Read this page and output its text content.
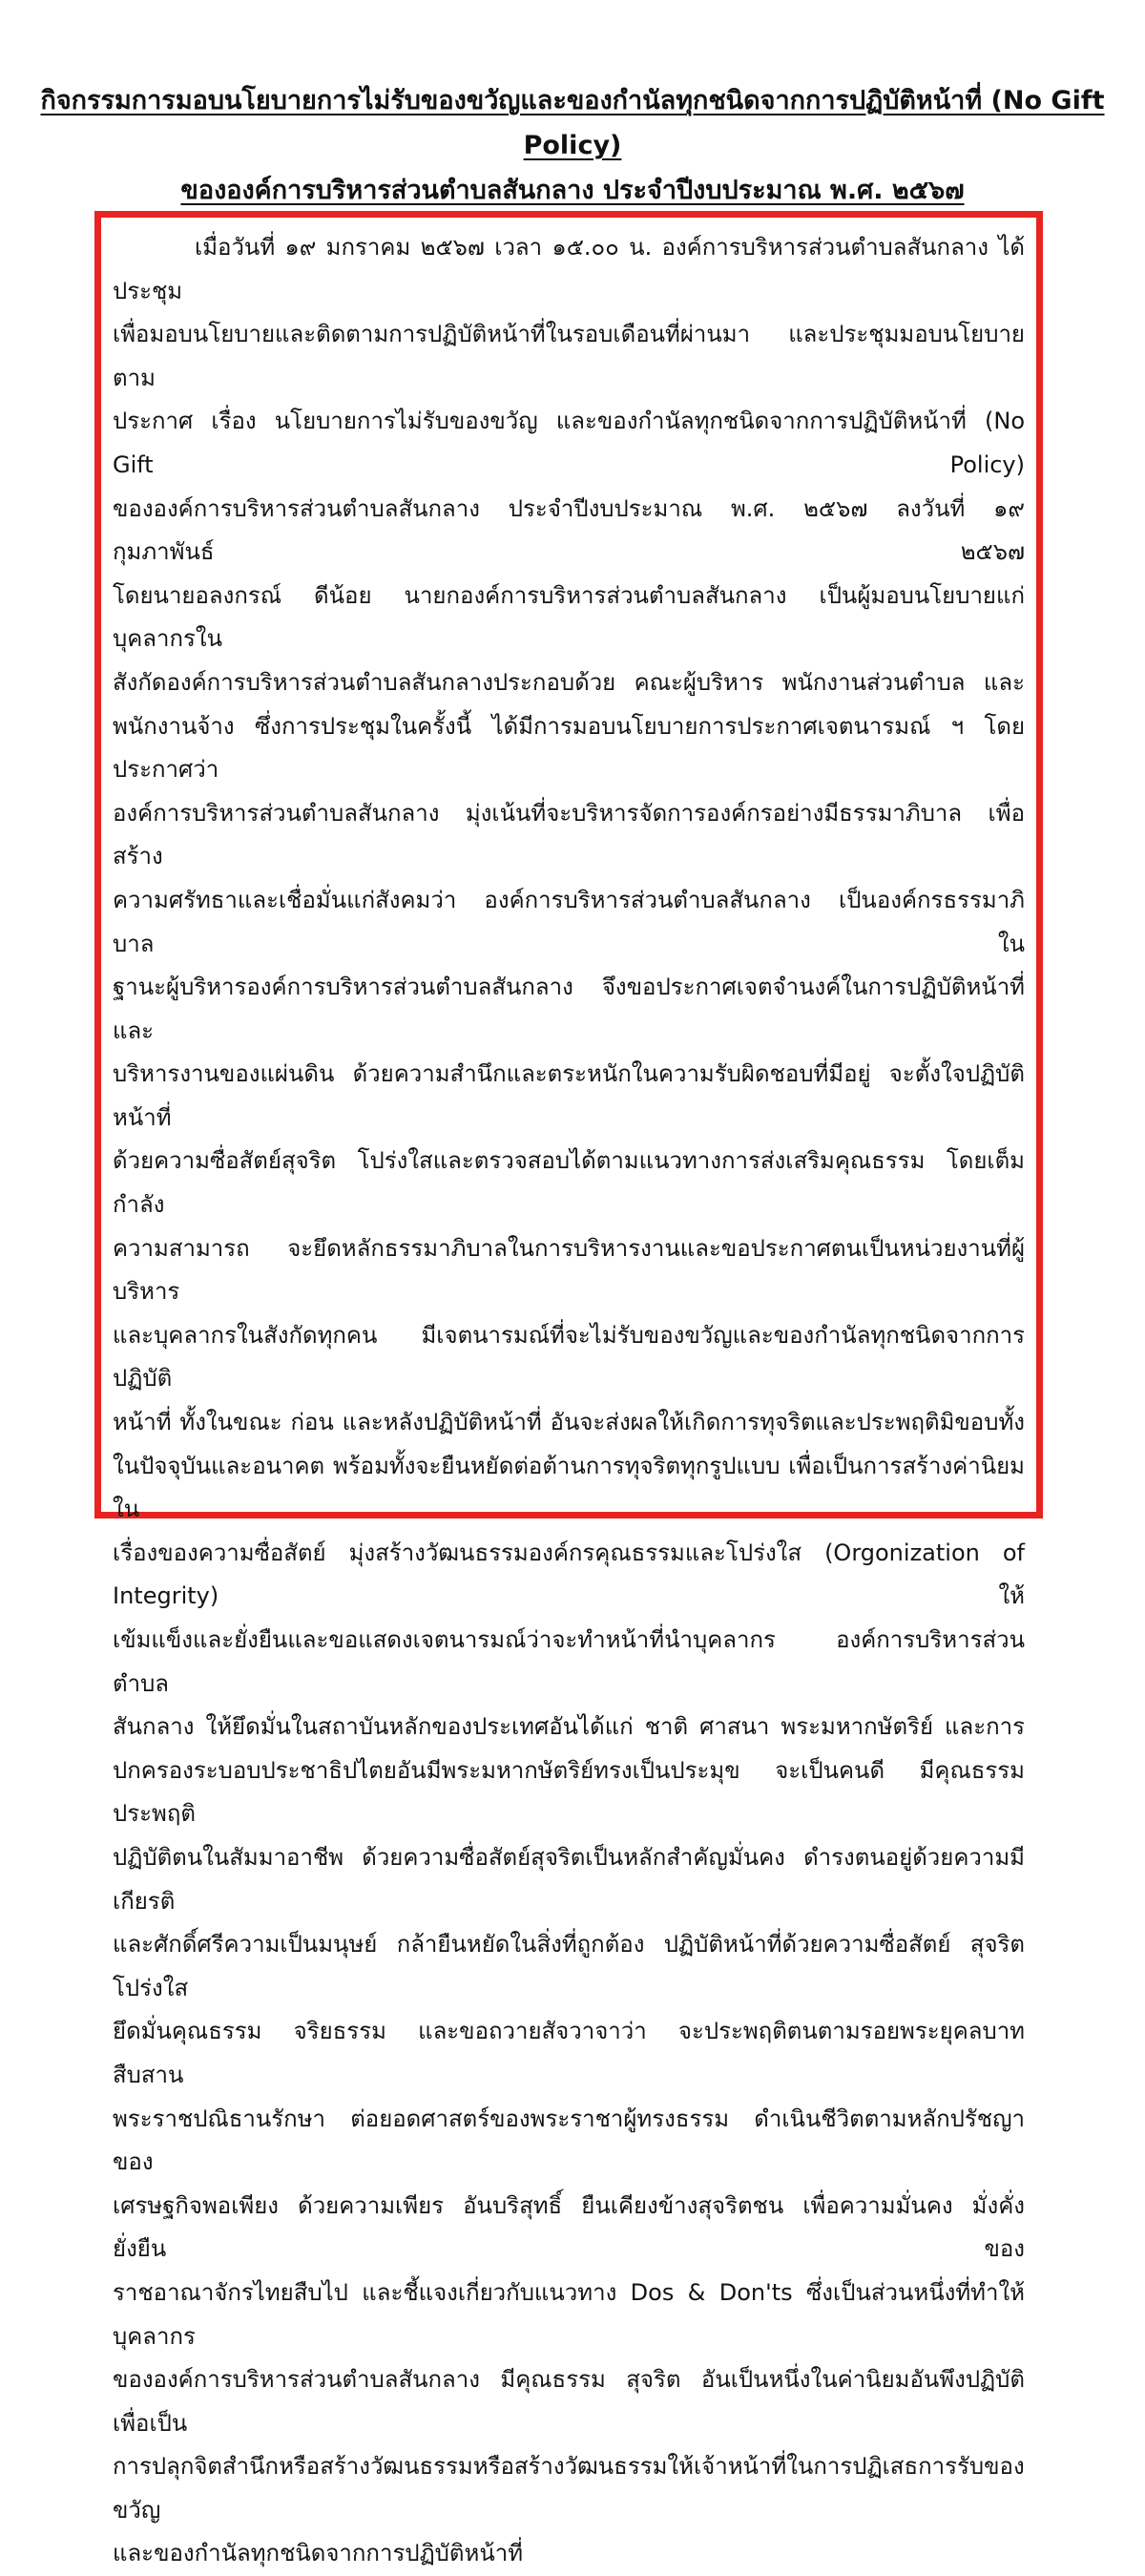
กิจกรรมการมอบนโยบายการไม่รับของขวัญและของกำนัลทุกชนิดจากการปฏิบัติหน้าที่ (No Gift Policy)
ขององค์การบริหารส่วนตำบลสันกลาง ประจำปีงบประมาณ พ.ศ. ๒๕๖๗
เมื่อวันที่ ๑๙ มกราคม ๒๕๖๗ เวลา ๑๕.๐๐ น. องค์การบริหารส่วนตำบลสันกลาง ได้ประชุม
เพื่อมอบนโยบายและติดตามการปฏิบัติหน้าที่ในรอบเดือนที่ผ่านมา และประชุมมอบนโยบายตาม
ประกาศ เรื่อง นโยบายการไม่รับของขวัญ และของกำนัลทุกชนิดจากการปฏิบัติหน้าที่ (No Gift Policy)
ขององค์การบริหารส่วนตำบลสันกลาง ประจำปีงบประมาณ พ.ศ. ๒๕๖๗ ลงวันที่ ๑๙ กุมภาพันธ์ ๒๕๖๗
โดยนายอลงกรณ์ ดีน้อย นายกองค์การบริหารส่วนตำบลสันกลาง เป็นผู้มอบนโยบายแก่บุคลากรใน
สังกัดองค์การบริหารส่วนตำบลสันกลางประกอบด้วย คณะผู้บริหาร พนักงานส่วนตำบล และ
พนักงานจ้าง ซึ่งการประชุมในครั้งนี้ ได้มีการมอบนโยบายการประกาศเจตนารมณ์ ฯ โดยประกาศว่า
องค์การบริหารส่วนตำบลสันกลาง มุ่งเน้นที่จะบริหารจัดการองค์กรอย่างมีธรรมาภิบาล เพื่อสร้าง
ความศรัทธาและเชื่อมั่นแก่สังคมว่า องค์การบริหารส่วนตำบลสันกลาง เป็นองค์กรธรรมาภิบาล ใน
ฐานะผู้บริหารองค์การบริหารส่วนตำบลสันกลาง จึงขอประกาศเจตจำนงค์ในการปฏิบัติหน้าที่และ
บริหารงานของแผ่นดิน ด้วยความสำนึกและตระหนักในความรับผิดชอบที่มีอยู่ จะตั้งใจปฏิบัติหน้าที่
ด้วยความซื่อสัตย์สุจริต โปร่งใสและตรวจสอบได้ตามแนวทางการส่งเสริมคุณธรรม โดยเต็มกำลัง
ความสามารถ จะยึดหลักธรรมาภิบาลในการบริหารงานและขอประกาศตนเป็นหน่วยงานที่ผู้บริหาร
และบุคลากรในสังกัดทุกคน มีเจตนารมณ์ที่จะไม่รับของขวัญและของกำนัลทุกชนิดจากการปฏิบัติ
หน้าที่ ทั้งในขณะ ก่อน และหลังปฏิบัติหน้าที่ อันจะส่งผลให้เกิดการทุจริตและประพฤติมิขอบทั้ง
ในปัจจุบันและอนาคต พร้อมทั้งจะยืนหยัดต่อต้านการทุจริตทุกรูปแบบ เพื่อเป็นการสร้างค่านิยมใน
เรื่องของความซื่อสัตย์ มุ่งสร้างวัฒนธรรมองค์กรคุณธรรมและโปร่งใส (Orgonization of Integrity) ให้
เข้มแข็งและยั่งยืนและขอแสดงเจตนารมณ์ว่าจะทำหน้าที่นำบุคลากร องค์การบริหารส่วนตำบล
สันกลาง ให้ยึดมั่นในสถาบันหลักของประเทศอันได้แก่ ชาติ ศาสนา พระมหากษัตริย์ และการ
ปกครองระบอบประชาธิปไตยอันมีพระมหากษัตริย์ทรงเป็นประมุข จะเป็นคนดี มีคุณธรรม ประพฤติ
ปฏิบัติตนในสัมมาอาชีพ ด้วยความซื่อสัตย์สุจริตเป็นหลักสำคัญมั่นคง ดำรงตนอยู่ด้วยความมีเกียรติ
และศักดิ์ศรีความเป็นมนุษย์ กล้ายืนหยัดในสิ่งที่ถูกต้อง ปฏิบัติหน้าที่ด้วยความซื่อสัตย์ สุจริต โปร่งใส
ยึดมั่นคุณธรรม จริยธรรม และขอถวายสัจวาจาว่า จะประพฤติตนตามรอยพระยุคลบาท สืบสาน
พระราชปณิธานรักษา ต่อยอดศาสตร์ของพระราชาผู้ทรงธรรม ดำเนินชีวิตตามหลักปรัชญาของ
เศรษฐกิจพอเพียง ด้วยความเพียร อันบริสุทธิ์ ยืนเคียงข้างสุจริตชน เพื่อความมั่นคง มั่งคั่ง ยั่งยืน ของ
ราชอาณาจักรไทยสืบไป และชี้แจงเกี่ยวกับแนวทาง Dos & Don'ts ซึ่งเป็นส่วนหนึ่งที่ทำให้บุคลากร
ขององค์การบริหารส่วนตำบลสันกลาง มีคุณธรรม สุจริต อันเป็นหนึ่งในค่านิยมอันพึงปฏิบัติ เพื่อเป็น
การปลุกจิตสำนึกหรือสร้างวัฒนธรรมหรือสร้างวัฒนธรรมให้เจ้าหน้าที่ในการปฏิเสธการรับของขวัญ
และของกำนัลทุกชนิดจากการปฏิบัติหน้าที่
